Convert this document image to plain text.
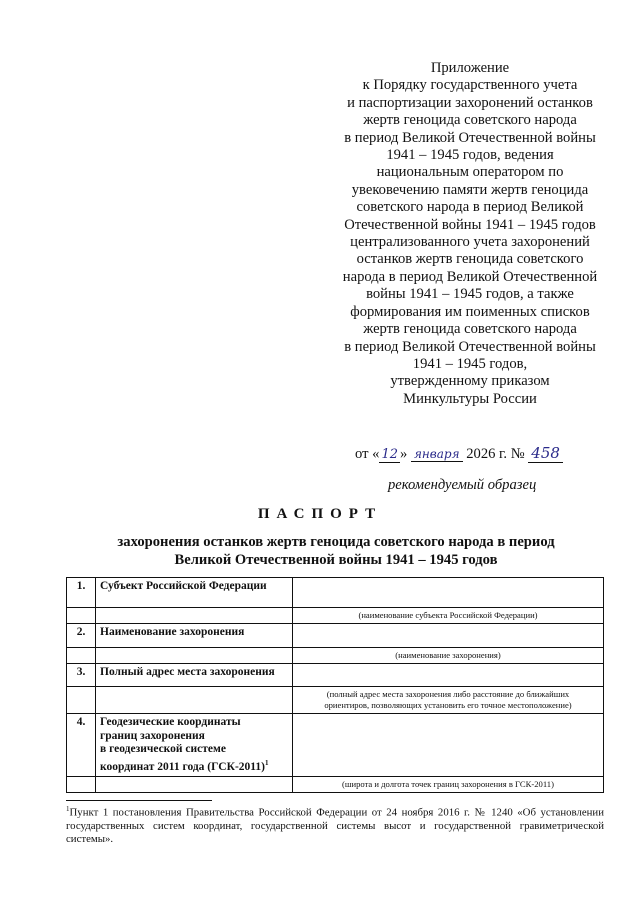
Приложение
к Порядку государственного учета
и паспортизации захоронений останков
жертв геноцида советского народа
в период Великой Отечественной войны
1941 – 1945 годов, ведения
национальным оператором по
увековечению памяти жертв геноцида
советского народа в период Великой
Отечественной войны 1941 – 1945 годов
централизованного учета захоронений
останков жертв геноцида советского
народа в период Великой Отечественной
войны 1941 – 1945 годов, а также
формирования им поименных списков
жертв геноцида советского народа
в период Великой Отечественной войны
1941 – 1945 годов,
утвержденному приказом
Минкультуры России
от « 12 » января 2026 г. № 458
рекомендуемый образец
ПАСПОРТ
захоронения останков жертв геноцида советского народа в период
Великой Отечественной войны 1941 – 1945 годов
1.	Субъект Российской Федерации	
		(наименование субъекта Российской Федерации)
2.	Наименование захоронения	
		(наименование захоронения)
3.	Полный адрес места захоронения	

		(полный адрес места захоронения либо расстояние до ближайших
ориентиров, позволяющих установить его точное местоположение)

4.	Геодезические координаты
границ захоронения
в геодезической системе
координат 2011 года $(ГСК-2011)^1$

		(широта и долгота точек границ захоронения в ГСК-2011)
$^1$Пункт 1 постановления Правительства Российской Федерации от 24 ноября 2016 г. № 1240 «Об установлении государственных систем координат, государственной системы высот и государственной гравиметрической системы».
